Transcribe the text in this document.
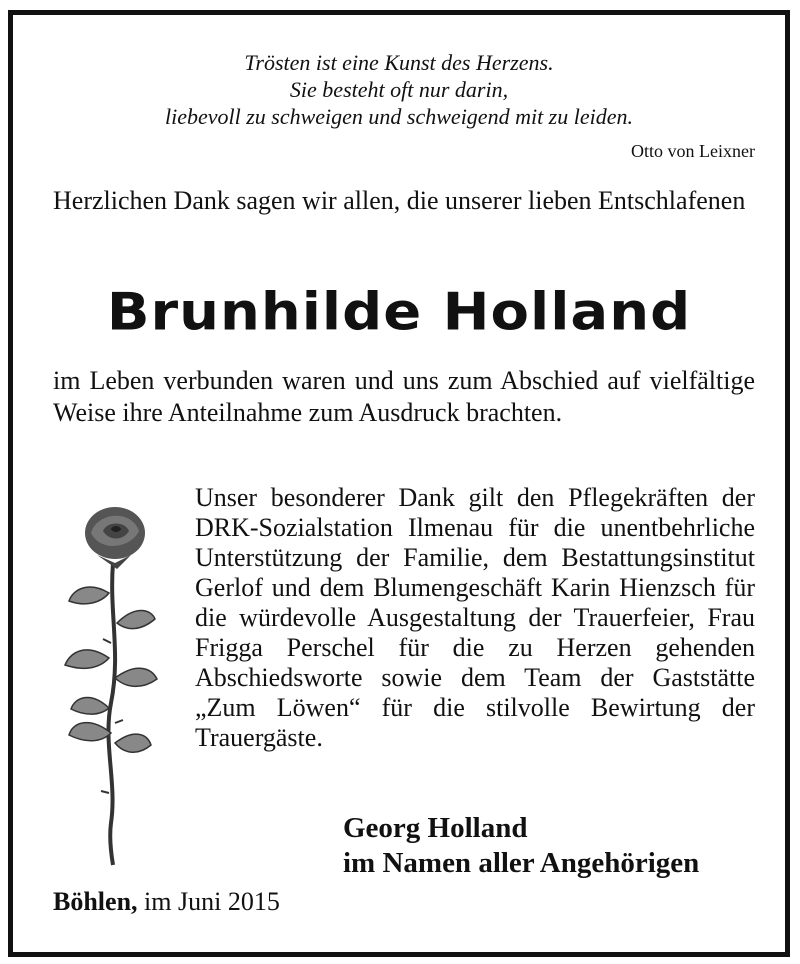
Trösten ist eine Kunst des Herzens.
Sie besteht oft nur darin,
liebevoll zu schweigen und schweigend mit zu leiden.
Otto von Leixner
Herzlichen Dank sagen wir allen, die unserer lieben Entschlafenen
Brunhilde Holland
im Leben verbunden waren und uns zum Abschied auf vielfältige Weise ihre Anteilnahme zum Ausdruck brachten.
Unser besonderer Dank gilt den Pflegekräften der DRK-Sozialstation Ilmenau für die unentbehrliche Unterstützung der Familie, dem Bestattungsinstitut Gerlof und dem Blumengeschäft Karin Hienzsch für die würdevolle Ausgestaltung der Trauerfeier, Frau Frigga Perschel für die zu Herzen gehenden Abschiedsworte sowie dem Team der Gaststätte „Zum Löwen“ für die stilvolle Bewirtung der Trauergäste.
Georg Holland
im Namen aller Angehörigen
Böhlen, im Juni 2015
